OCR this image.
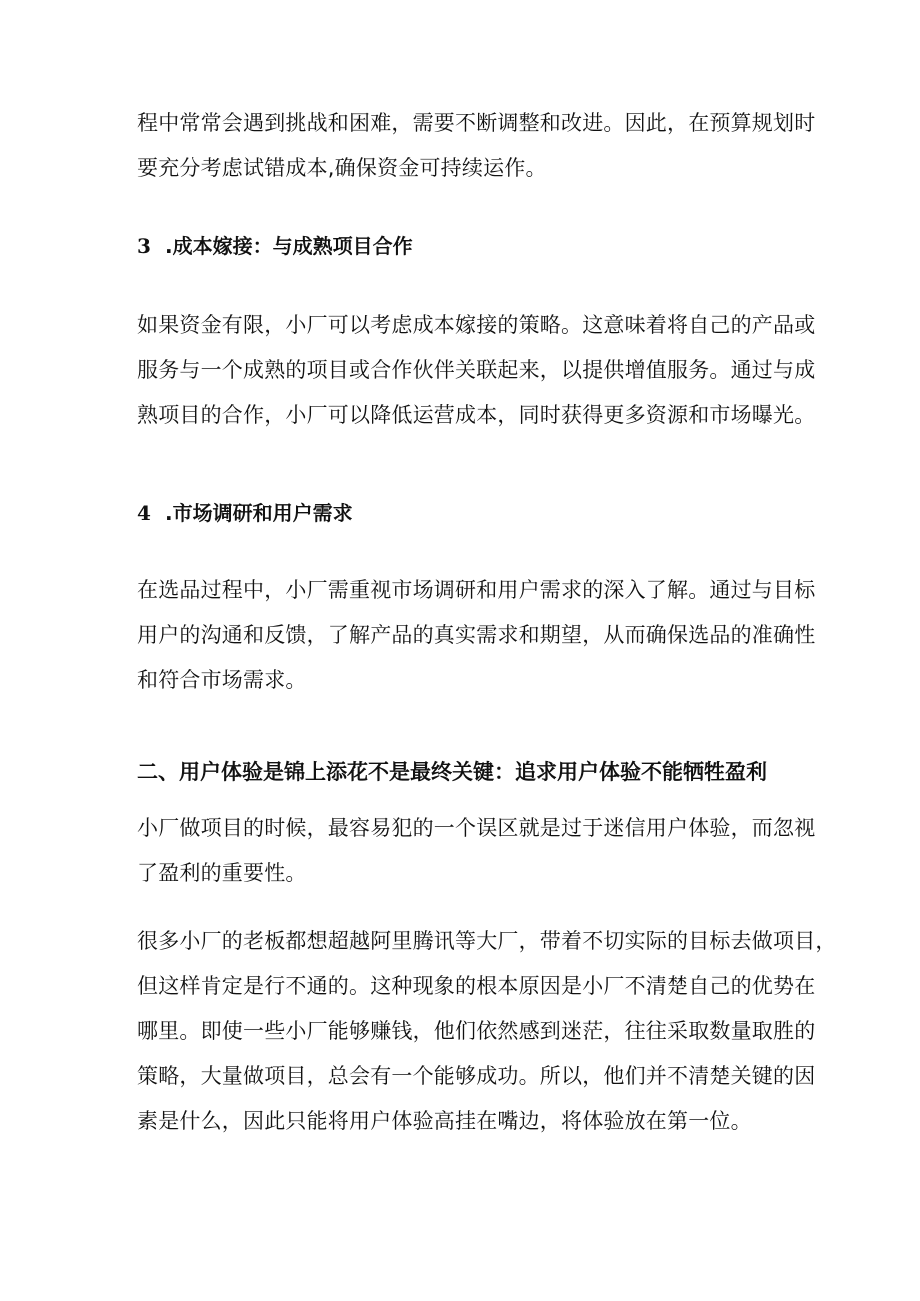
程中常常会遇到挑战和困难，需要不断调整和改进。因此，在预算规划时
要充分考虑试错成本,确保资金可持续运作。

3 .成本嫁接：与成熟项目合作

如果资金有限，小厂可以考虑成本嫁接的策略。这意味着将自己的产品或
服务与一个成熟的项目或合作伙伴关联起来，以提供增值服务。通过与成
熟项目的合作，小厂可以降低运营成本，同时获得更多资源和市场曝光。

4 .市场调研和用户需求

在选品过程中，小厂需重视市场调研和用户需求的深入了解。通过与目标
用户的沟通和反馈，了解产品的真实需求和期望，从而确保选品的准确性
和符合市场需求。

二、用户体验是锦上添花不是最终关键：追求用户体验不能牺牲盈利

小厂做项目的时候，最容易犯的一个误区就是过于迷信用户体验，而忽视
了盈利的重要性。

很多小厂的老板都想超越阿里腾讯等大厂，带着不切实际的目标去做项目，
但这样肯定是行不通的。这种现象的根本原因是小厂不清楚自己的优势在
哪里。即使一些小厂能够赚钱，他们依然感到迷茫，往往采取数量取胜的
策略，大量做项目，总会有一个能够成功。所以，他们并不清楚关键的因
素是什么，因此只能将用户体验高挂在嘴边，将体验放在第一位。
